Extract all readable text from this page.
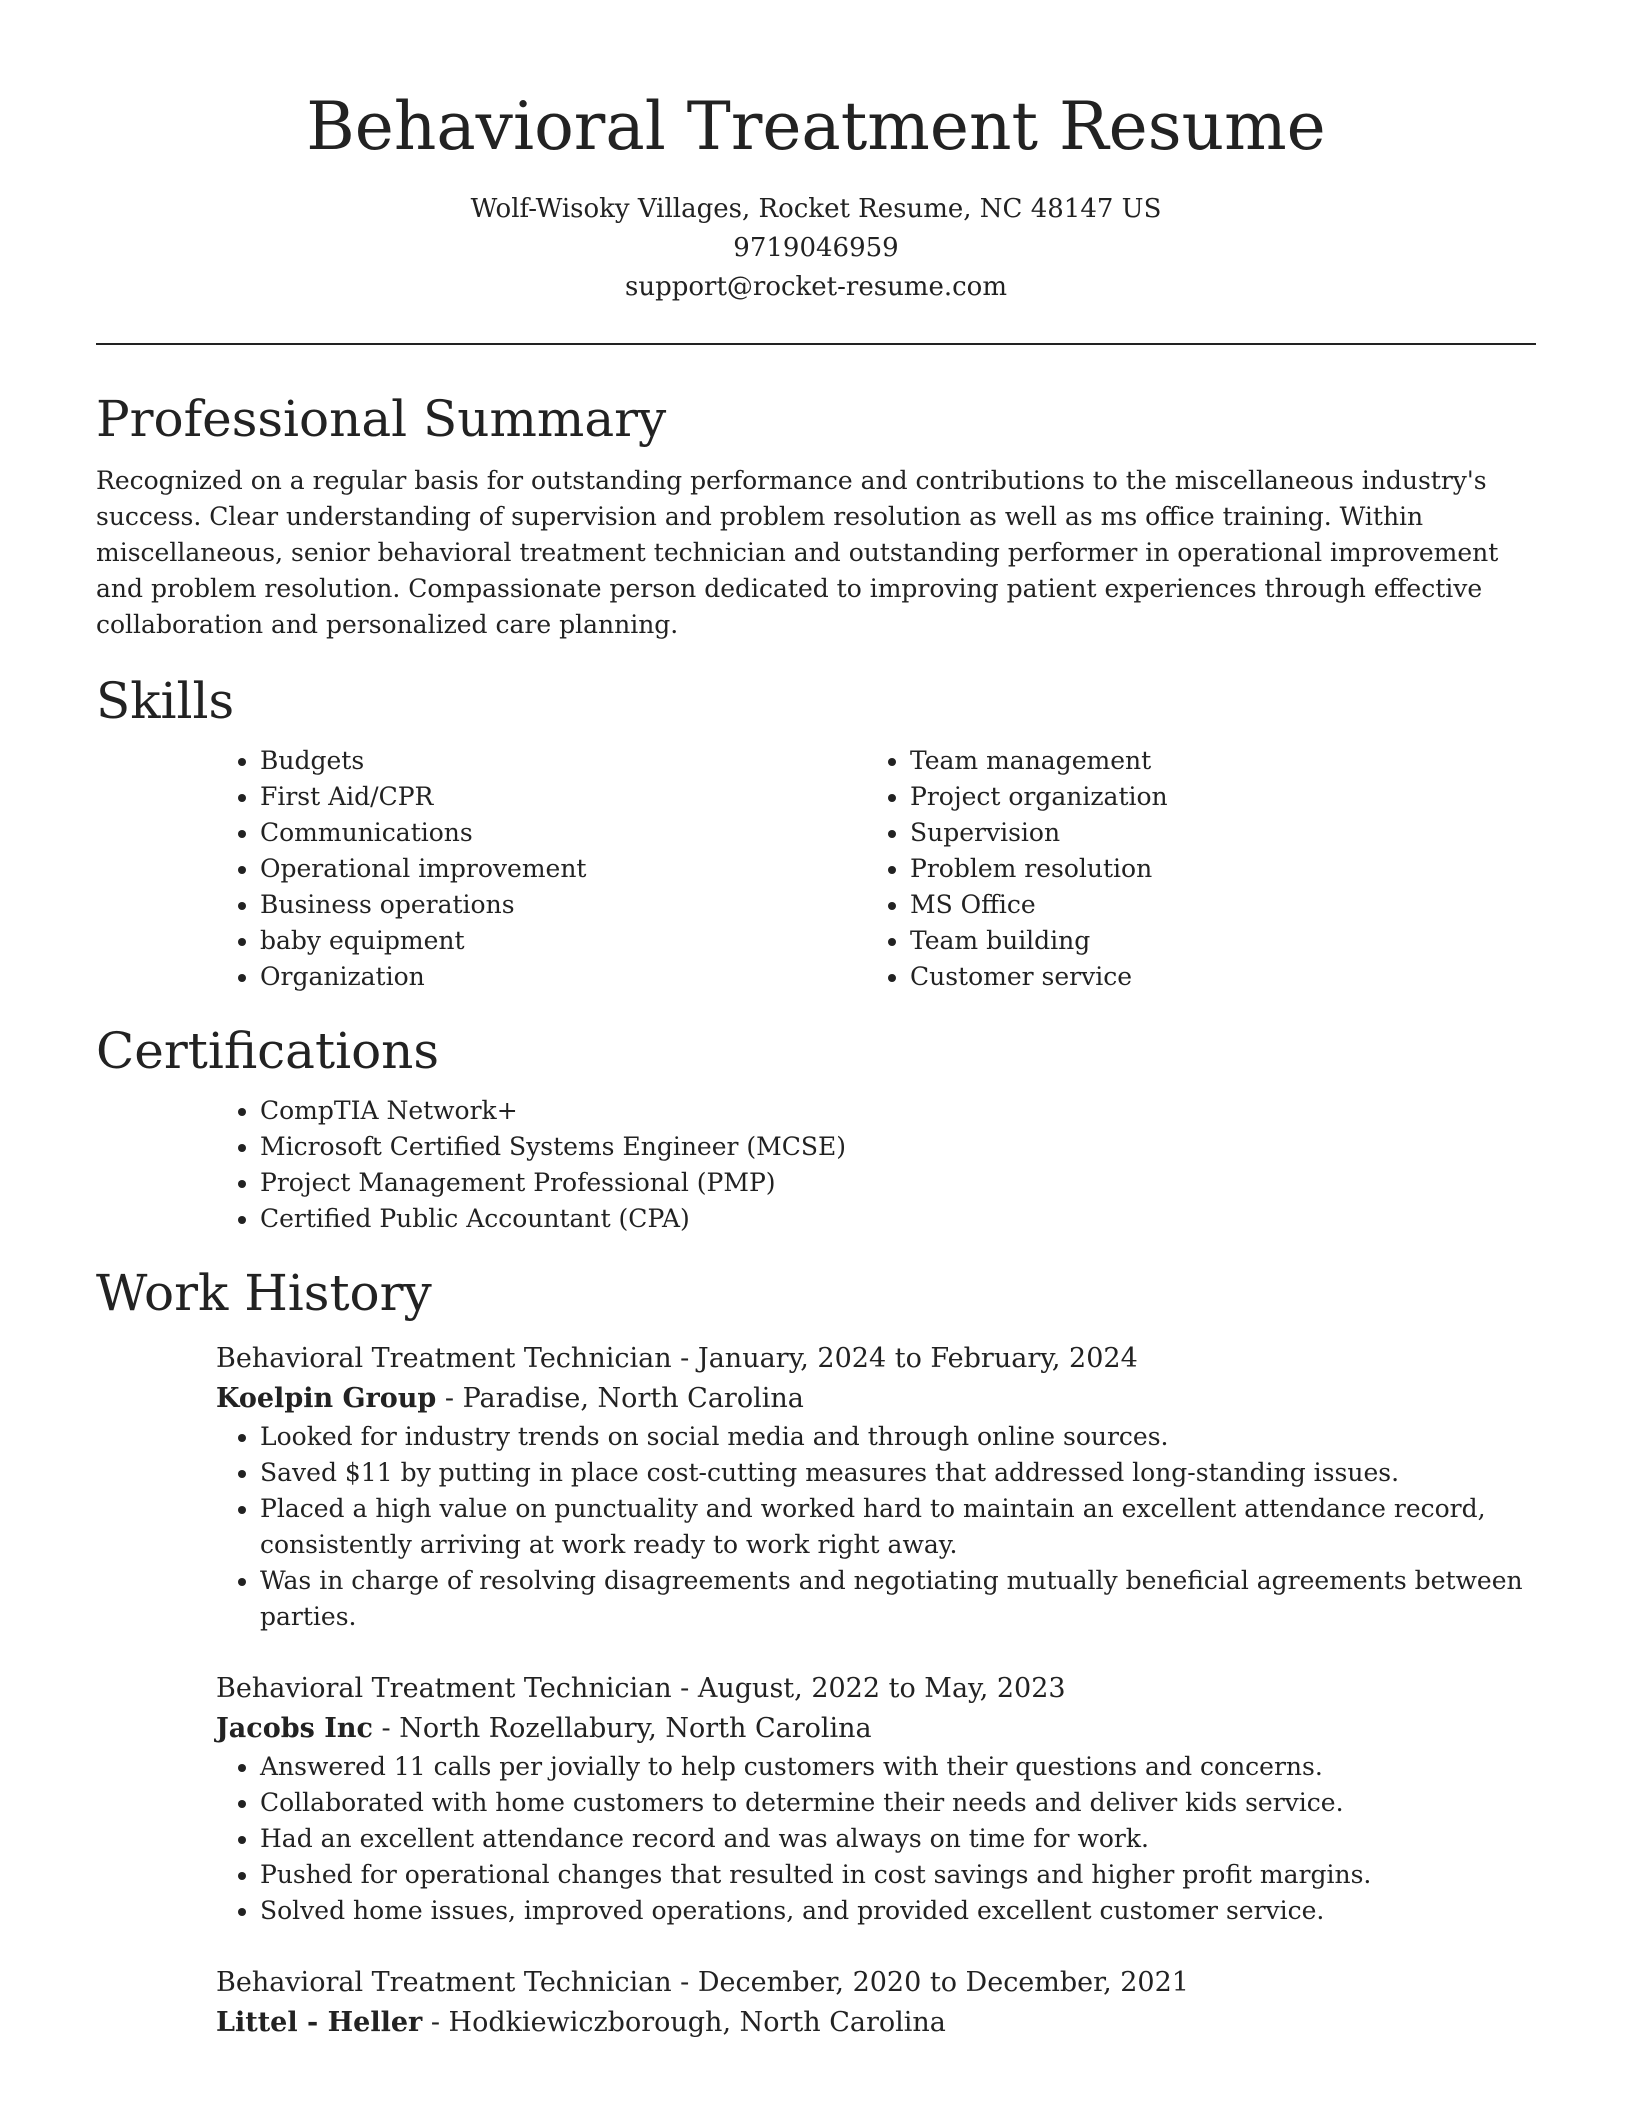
Behavioral Treatment Resume

Wolf-Wisoky Villages, Rocket Resume, NC 48147 US

9719046959

support@rocket-resume.com

Professional Summary

Recognized on a regular basis for outstanding performance and contributions to the miscellaneous industry's success. Clear understanding of supervision and problem resolution as well as ms office training. Within miscellaneous, senior behavioral treatment technician and outstanding performer in operational improvement and problem resolution. Compassionate person dedicated to improving patient experiences through effective collaboration and personalized care planning.

Skills
• Budgets
• First Aid/CPR
• Communications
• Operational improvement
• Business operations
• baby equipment
• Organization
• Team management
• Project organization
• Supervision
• Problem resolution
• MS Office
• Team building
• Customer service
Certifications
• CompTIA Network+
• Microsoft Certified Systems Engineer (MCSE)
• Project Management Professional (PMP)
• Certified Public Accountant (CPA)
Work History

Behavioral Treatment Technician - January, 2024 to February, 2024

Koelpin Group - Paradise, North Carolina

• Looked for industry trends on social media and through online sources.
• Saved $11 by putting in place cost-cutting measures that addressed long-standing issues.
• Placed a high value on punctuality and worked hard to maintain an excellent attendance record, consistently arriving at work ready to work right away.
• Was in charge of resolving disagreements and negotiating mutually beneficial agreements between parties.

Behavioral Treatment Technician - August, 2022 to May, 2023

Jacobs Inc - North Rozellabury, North Carolina

• Answered 11 calls per jovially to help customers with their questions and concerns.
• Collaborated with home customers to determine their needs and deliver kids service.
• Had an excellent attendance record and was always on time for work.
• Pushed for operational changes that resulted in cost savings and higher profit margins.
• Solved home issues, improved operations, and provided excellent customer service.

Behavioral Treatment Technician - December, 2020 to December, 2021

Littel - Heller - Hodkiewiczborough, North Carolina
